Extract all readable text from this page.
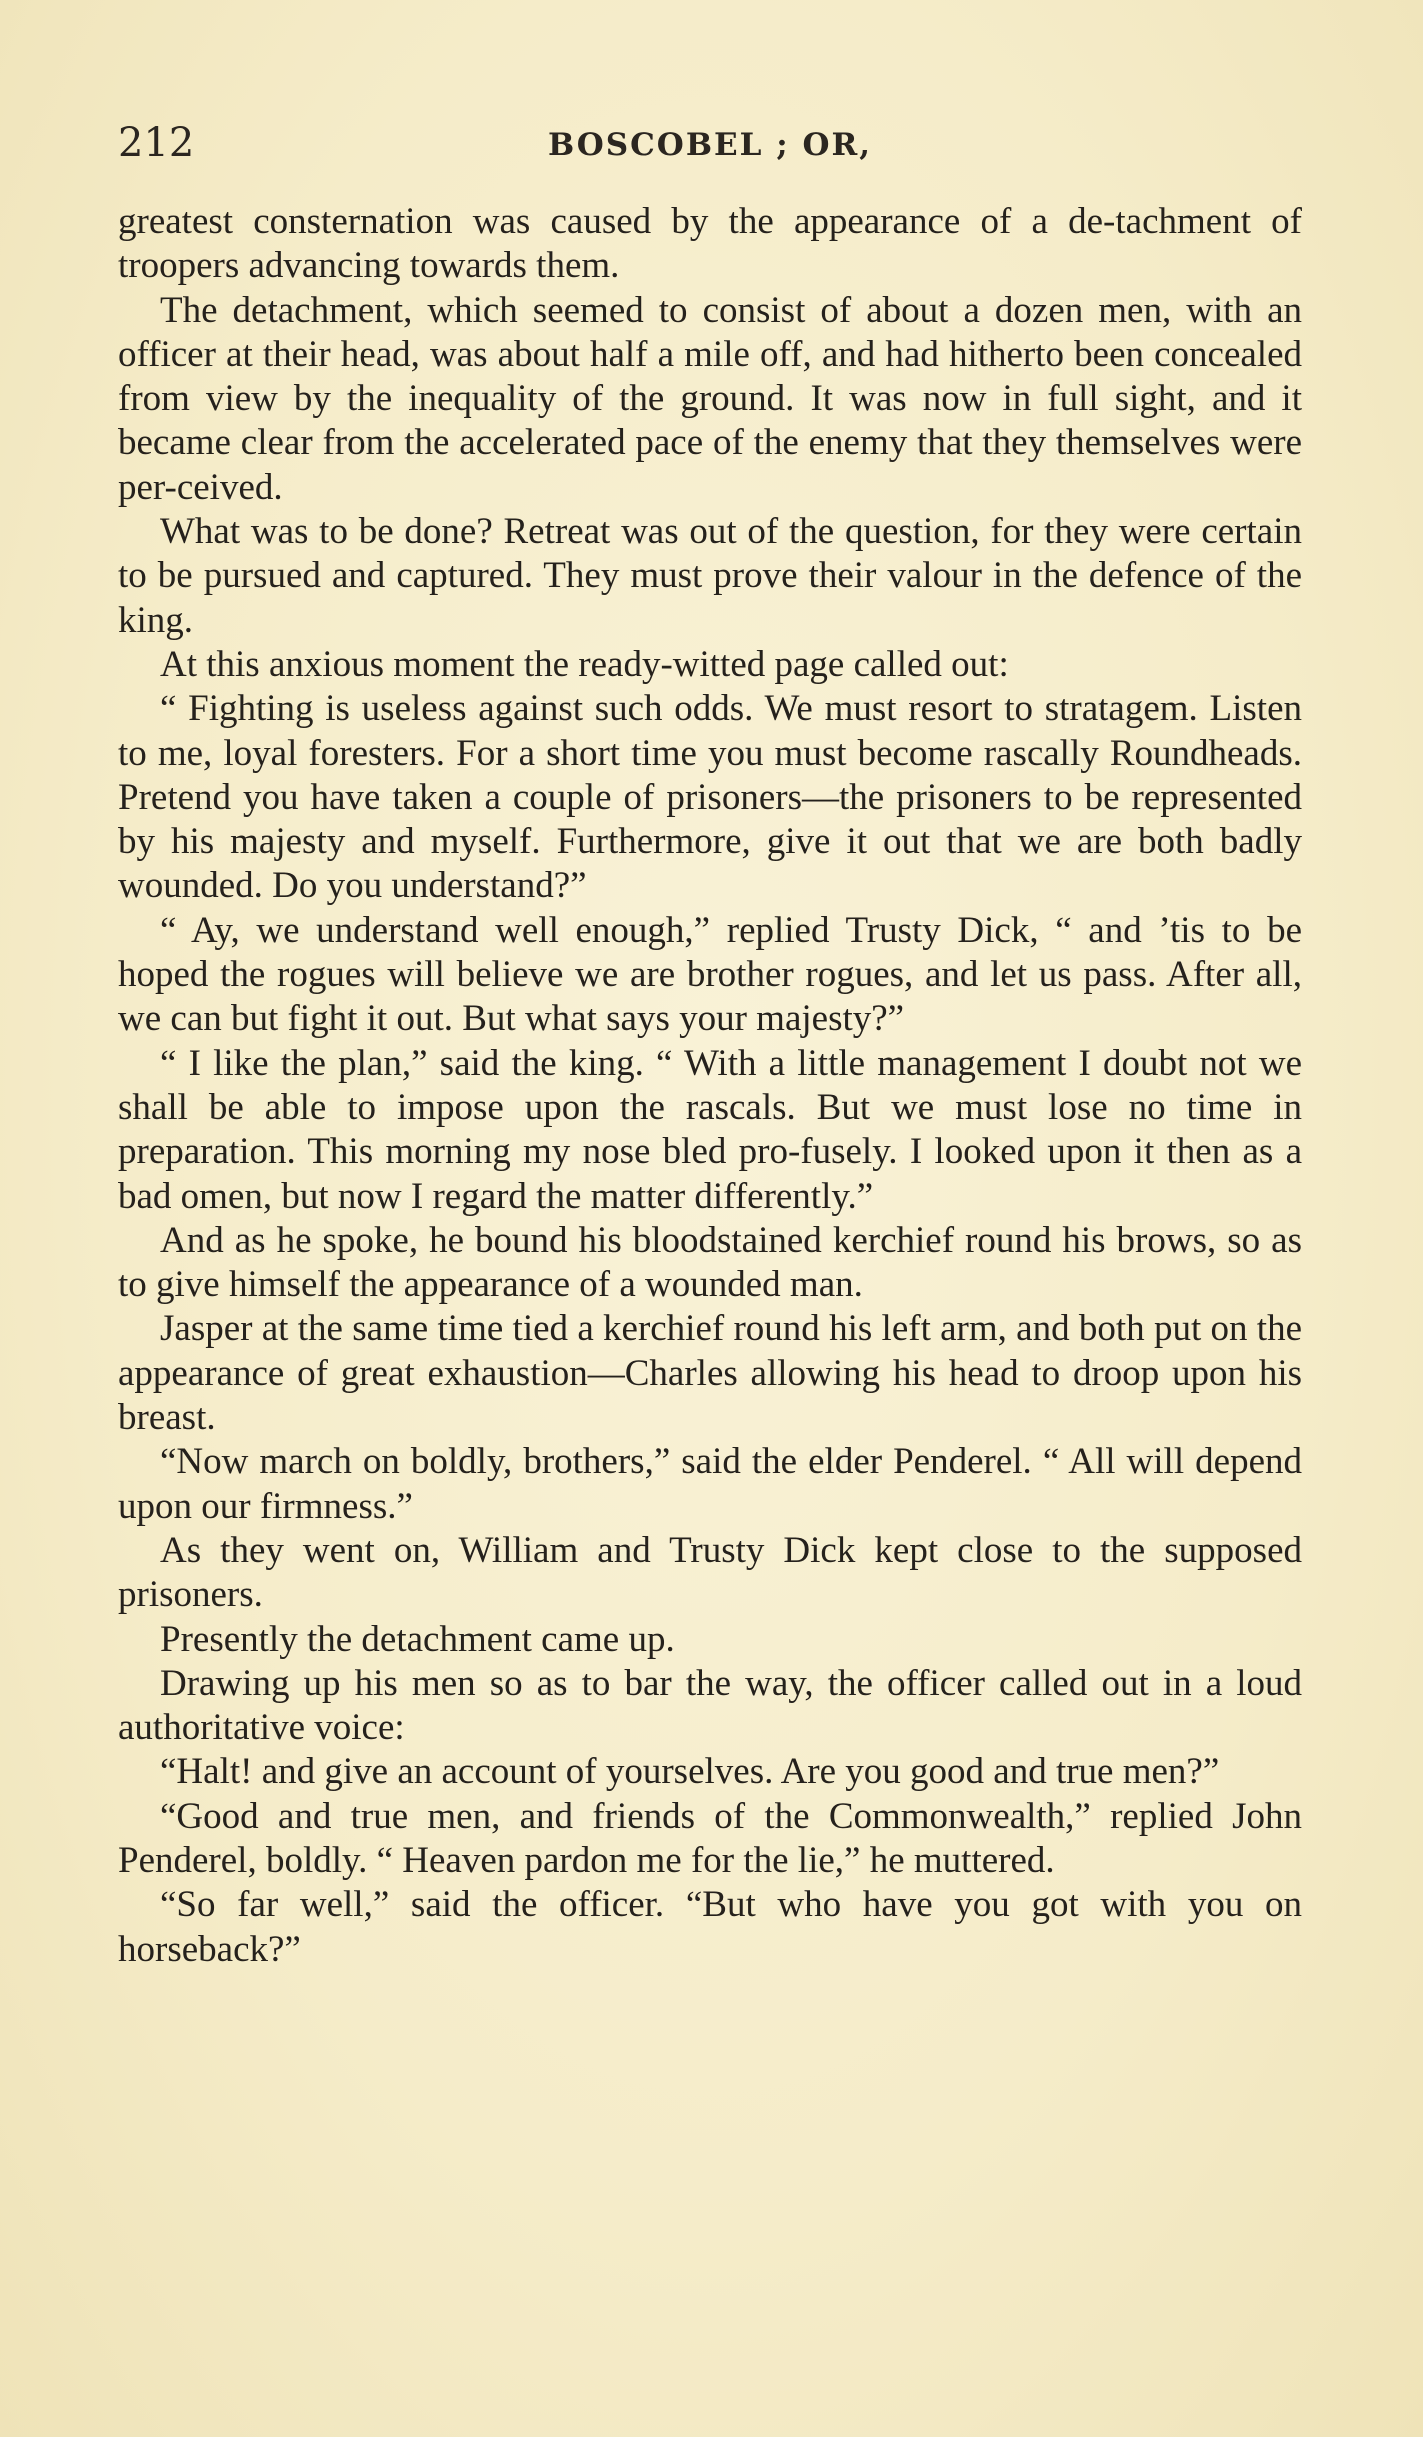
212	BOSCOBEL ; OR,

greatest consternation was caused by the appearance of a de-tachment of troopers advancing towards them.

The detachment, which seemed to consist of about a dozen men, with an officer at their head, was about half a mile off, and had hitherto been concealed from view by the inequality of the ground. It was now in full sight, and it became clear from the accelerated pace of the enemy that they themselves were per-ceived.

What was to be done? Retreat was out of the question, for they were certain to be pursued and captured. They must prove their valour in the defence of the king.

At this anxious moment the ready-witted page called out:

“ Fighting is useless against such odds. We must resort to stratagem. Listen to me, loyal foresters. For a short time you must become rascally Roundheads. Pretend you have taken a couple of prisoners—the prisoners to be represented by his majesty and myself. Furthermore, give it out that we are both badly wounded. Do you understand?”

“ Ay, we understand well enough,” replied Trusty Dick, “ and ’tis to be hoped the rogues will believe we are brother rogues, and let us pass. After all, we can but fight it out. But what says your majesty?”

“ I like the plan,” said the king. “ With a little management I doubt not we shall be able to impose upon the rascals. But we must lose no time in preparation. This morning my nose bled pro-fusely. I looked upon it then as a bad omen, but now I regard the matter differently.”

And as he spoke, he bound his bloodstained kerchief round his brows, so as to give himself the appearance of a wounded man.

Jasper at the same time tied a kerchief round his left arm, and both put on the appearance of great exhaustion—Charles allowing his head to droop upon his breast.

“Now march on boldly, brothers,” said the elder Penderel. “ All will depend upon our firmness.”

As they went on, William and Trusty Dick kept close to the supposed prisoners.

Presently the detachment came up.

Drawing up his men so as to bar the way, the officer called out in a loud authoritative voice:

“Halt! and give an account of yourselves. Are you good and true men?”

“Good and true men, and friends of the Commonwealth,” replied John Penderel, boldly. “ Heaven pardon me for the lie,” he muttered.

“So far well,” said the officer. “But who have you got with you on horseback?”
